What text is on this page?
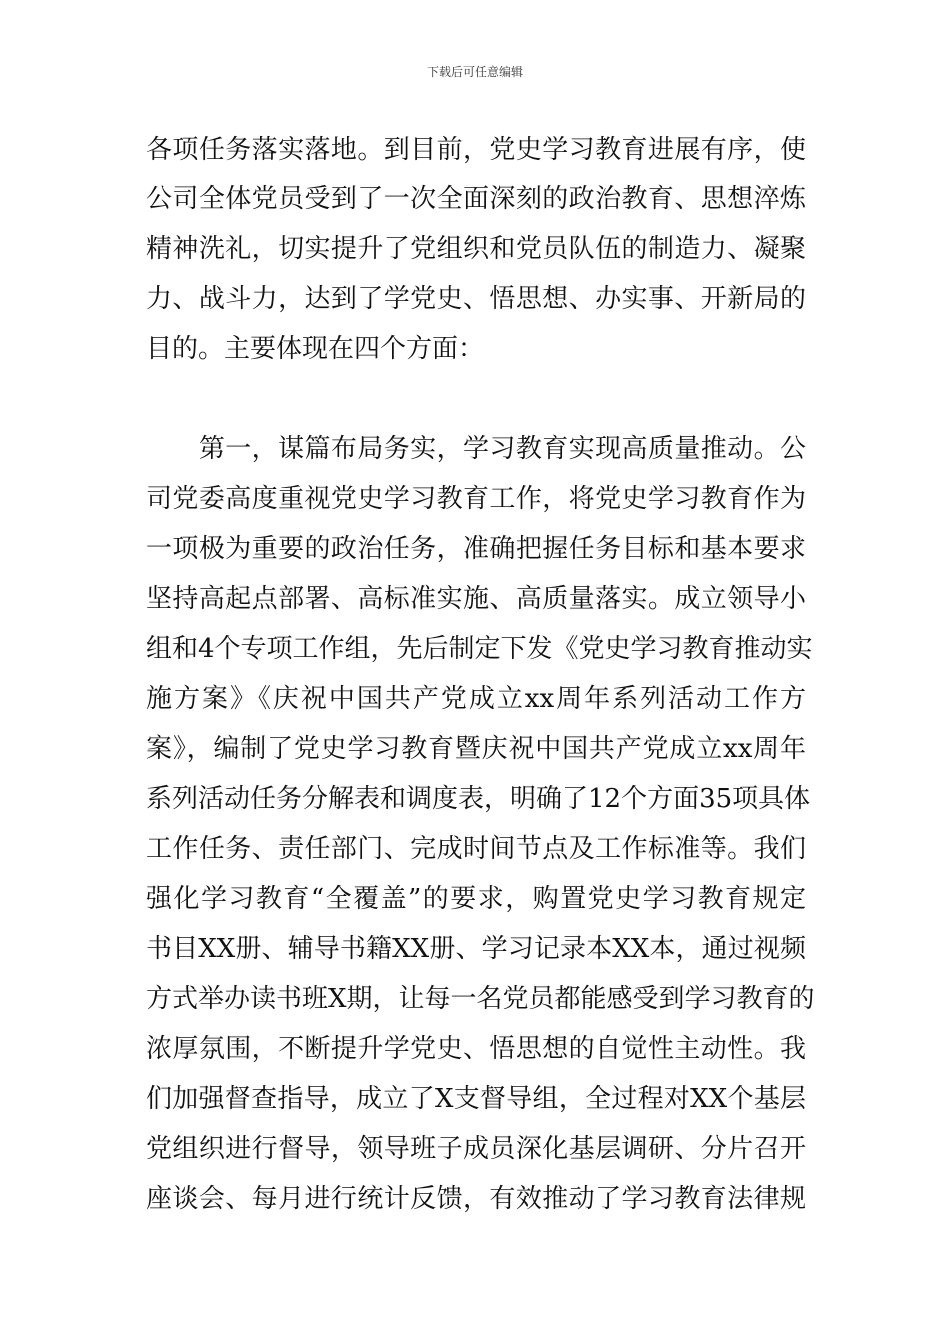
下载后可任意编辑
各项任务落实落地。到目前，党史学习教育进展有序，使
公司全体党员受到了一次全面深刻的政治教育、思想淬炼
精神洗礼，切实提升了党组织和党员队伍的制造力、凝聚
力、战斗力，达到了学党史、悟思想、办实事、开新局的
目的。主要体现在四个方面：
　　第一，谋篇布局务实，学习教育实现高质量推动。公
司党委高度重视党史学习教育工作，将党史学习教育作为
一项极为重要的政治任务，准确把握任务目标和基本要求
坚持高起点部署、高标准实施、高质量落实。成立领导小
组和4个专项工作组，先后制定下发《党史学习教育推动实
施方案》《庆祝中国共产党成立xx周年系列活动工作方
案》，编制了党史学习教育暨庆祝中国共产党成立xx周年
系列活动任务分解表和调度表，明确了12个方面35项具体
工作任务、责任部门、完成时间节点及工作标准等。我们
强化学习教育“全覆盖”的要求，购置党史学习教育规定
书目XX册、辅导书籍XX册、学习记录本XX本，通过视频
方式举办读书班X期，让每一名党员都能感受到学习教育的
浓厚氛围，不断提升学党史、悟思想的自觉性主动性。我
们加强督查指导，成立了X支督导组，全过程对XX个基层
党组织进行督导，领导班子成员深化基层调研、分片召开
座谈会、每月进行统计反馈，有效推动了学习教育法律规
